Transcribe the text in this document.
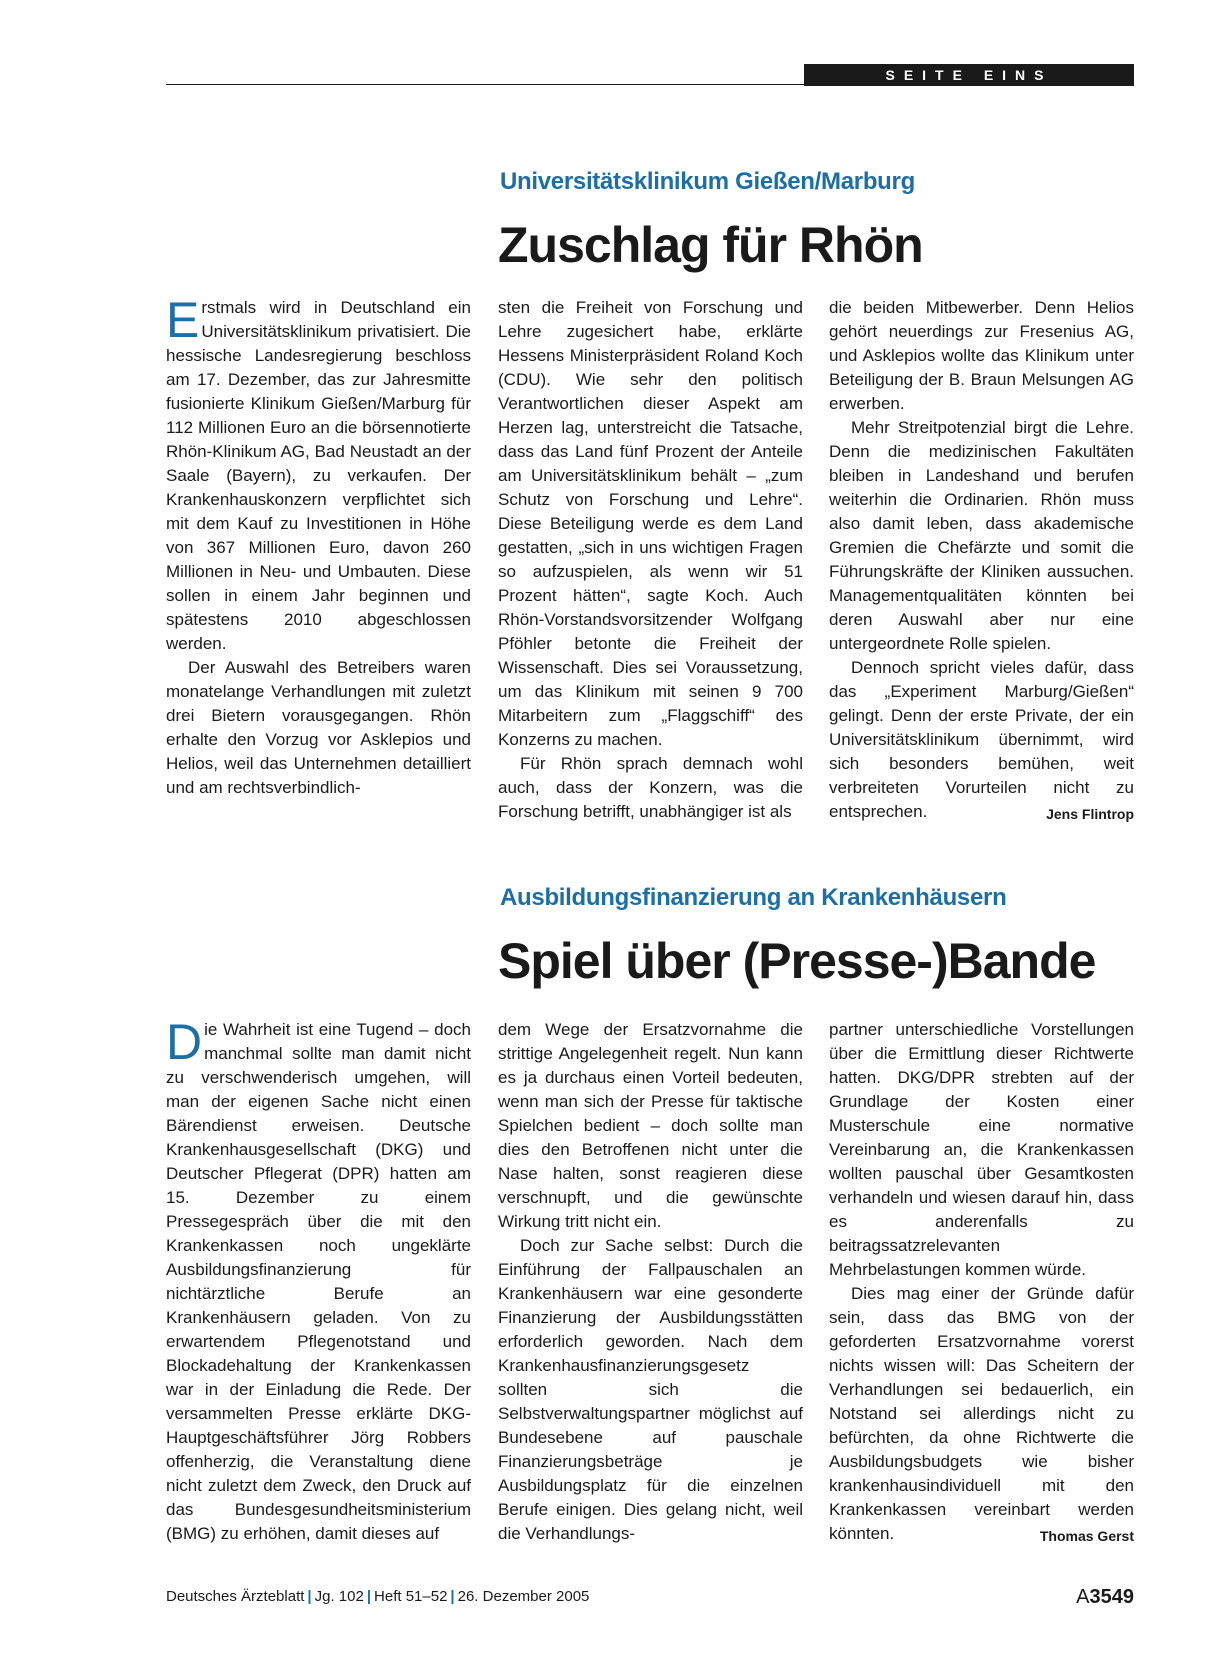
SEITE EINS
Universitätsklinikum Gießen/Marburg
Zuschlag für Rhön

Erstmals wird in Deutschland ein Universitätsklinikum privatisiert. Die hessische Landesregierung beschloss am 17. Dezember, das zur Jahresmitte fusionierte Klinikum Gießen/Marburg für 112 Millionen Euro an die börsennotierte Rhön-Klinikum AG, Bad Neustadt an der Saale (Bayern), zu verkaufen. Der Krankenhauskonzern verpflichtet sich mit dem Kauf zu Investitionen in Höhe von 367 Millionen Euro, davon 260 Millionen in Neu- und Umbauten. Diese sollen in einem Jahr beginnen und spätestens 2010 abgeschlossen werden.

Der Auswahl des Betreibers waren monatelange Verhandlungen mit zuletzt drei Bietern vorausgegangen. Rhön erhalte den Vorzug vor Asklepios und Helios, weil das Unternehmen detailliert und am rechtsverbindlich-

sten die Freiheit von Forschung und Lehre zugesichert habe, erklärte Hessens Ministerpräsident Roland Koch (CDU). Wie sehr den politisch Verantwortlichen dieser Aspekt am Herzen lag, unterstreicht die Tatsache, dass das Land fünf Prozent der Anteile am Universitätsklinikum behält – „zum Schutz von Forschung und Lehre“. Diese Beteiligung werde es dem Land gestatten, „sich in uns wichtigen Fragen so aufzuspielen, als wenn wir 51 Prozent hätten“, sagte Koch. Auch Rhön-Vorstandsvorsitzender Wolfgang Pföhler betonte die Freiheit der Wissenschaft. Dies sei Voraussetzung, um das Klinikum mit seinen 9 700 Mitarbeitern zum „Flaggschiff“ des Konzerns zu machen.

Für Rhön sprach demnach wohl auch, dass der Konzern, was die Forschung betrifft, unabhängiger ist als

die beiden Mitbewerber. Denn Helios gehört neuerdings zur Fresenius AG, und Asklepios wollte das Klinikum unter Beteiligung der B. Braun Melsungen AG erwerben.

Mehr Streitpotenzial birgt die Lehre. Denn die medizinischen Fakultäten bleiben in Landeshand und berufen weiterhin die Ordinarien. Rhön muss also damit leben, dass akademische Gremien die Chefärzte und somit die Führungskräfte der Kliniken aussuchen. Managementqualitäten könnten bei deren Auswahl aber nur eine untergeordnete Rolle spielen.

Dennoch spricht vieles dafür, dass das „Experiment Marburg/Gießen“ gelingt. Denn der erste Private, der ein Universitätsklinikum übernimmt, wird sich besonders bemühen, weit verbreiteten Vorurteilen nicht zu entsprechen.	Jens Flintrop

Ausbildungsfinanzierung an Krankenhäusern
Spiel über (Presse-)Bande

Die Wahrheit ist eine Tugend – doch manchmal sollte man damit nicht zu verschwenderisch umgehen, will man der eigenen Sache nicht einen Bärendienst erweisen. Deutsche Krankenhausgesellschaft (DKG) und Deutscher Pflegerat (DPR) hatten am 15. Dezember zu einem Pressegespräch über die mit den Krankenkassen noch ungeklärte Ausbildungsfinanzierung für nichtärztliche Berufe an Krankenhäusern geladen. Von zu erwartendem Pflegenotstand und Blockadehaltung der Krankenkassen war in der Einladung die Rede. Der versammelten Presse erklärte DKG-Hauptgeschäftsführer Jörg Robbers offenherzig, die Veranstaltung diene nicht zuletzt dem Zweck, den Druck auf das Bundesgesundheitsministerium (BMG) zu erhöhen, damit dieses auf

dem Wege der Ersatzvornahme die strittige Angelegenheit regelt. Nun kann es ja durchaus einen Vorteil bedeuten, wenn man sich der Presse für taktische Spielchen bedient – doch sollte man dies den Betroffenen nicht unter die Nase halten, sonst reagieren diese verschnupft, und die gewünschte Wirkung tritt nicht ein.

Doch zur Sache selbst: Durch die Einführung der Fallpauschalen an Krankenhäusern war eine gesonderte Finanzierung der Ausbildungsstätten erforderlich geworden. Nach dem Krankenhausfinanzierungsgesetz sollten sich die Selbstverwaltungspartner möglichst auf Bundesebene auf pauschale Finanzierungsbeträge je Ausbildungsplatz für die einzelnen Berufe einigen. Dies gelang nicht, weil die Verhandlungs-

partner unterschiedliche Vorstellungen über die Ermittlung dieser Richtwerte hatten. DKG/DPR strebten auf der Grundlage der Kosten einer Musterschule eine normative Vereinbarung an, die Krankenkassen wollten pauschal über Gesamtkosten verhandeln und wiesen darauf hin, dass es anderenfalls zu beitragssatzrelevanten Mehrbelastungen kommen würde.

Dies mag einer der Gründe dafür sein, dass das BMG von der geforderten Ersatzvornahme vorerst nichts wissen will: Das Scheitern der Verhandlungen sei bedauerlich, ein Notstand sei allerdings nicht zu befürchten, da ohne Richtwerte die Ausbildungsbudgets wie bisher krankenhausindividuell mit den Krankenkassen vereinbart werden könnten.	Thomas Gerst

Deutsches Ärzteblatt | Jg. 102 | Heft 51–52 | 26. Dezember 2005	A3549
